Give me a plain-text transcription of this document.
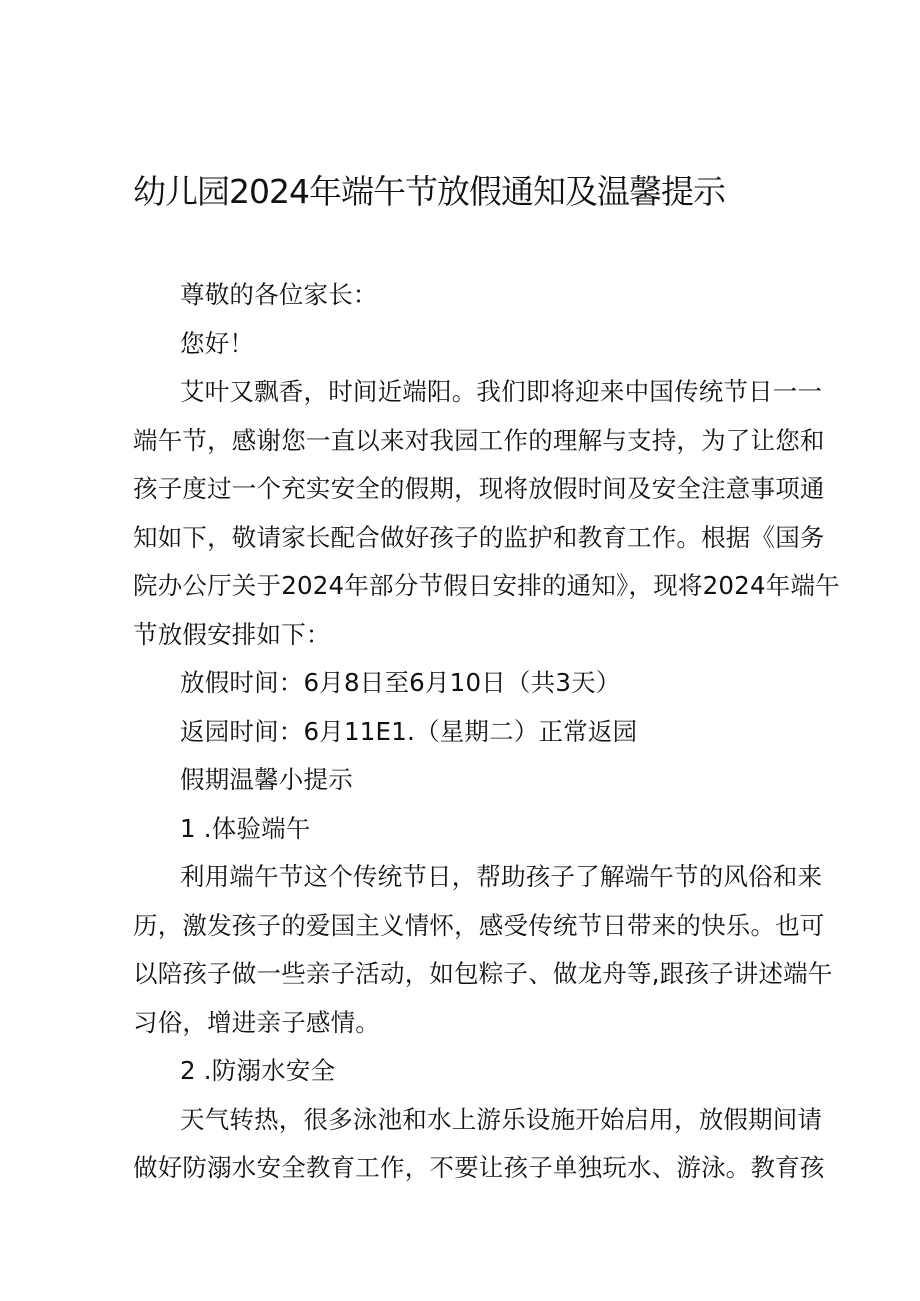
幼儿园2024年端午节放假通知及温馨提示
尊敬的各位家长：
您好！
艾叶又飘香，时间近端阳。我们即将迎来中国传统节日一一
端午节，感谢您一直以来对我园工作的理解与支持，为了让您和
孩子度过一个充实安全的假期，现将放假时间及安全注意事项通
知如下，敬请家长配合做好孩子的监护和教育工作。根据《国务
院办公厅关于2024年部分节假日安排的通知》，现将2024年端午
节放假安排如下：
放假时间：6月8日至6月10日（共3天）
返园时间：6月11E1.（星期二）正常返园
假期温馨小提示
1 .体验端午
利用端午节这个传统节日，帮助孩子了解端午节的风俗和来
历，激发孩子的爱国主义情怀，感受传统节日带来的快乐。也可
以陪孩子做一些亲子活动，如包粽子、做龙舟等,跟孩子讲述端午
习俗，增进亲子感情。
2 .防溺水安全
天气转热，很多泳池和水上游乐设施开始启用，放假期间请
做好防溺水安全教育工作，不要让孩子单独玩水、游泳。教育孩
